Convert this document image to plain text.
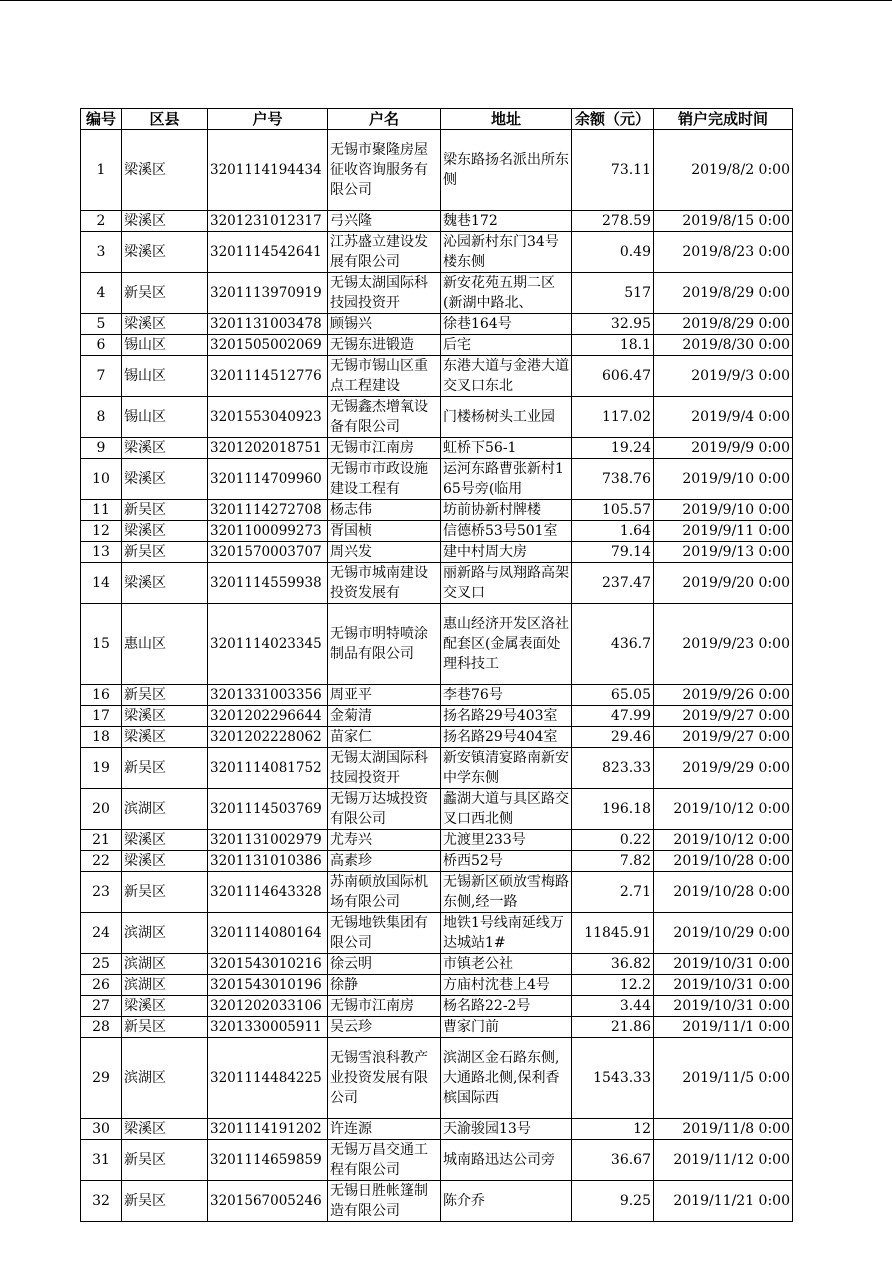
编号	区县	户号	户名	地址	余额（元）	销户完成时间

1	梁溪区	3201114194434	无锡市聚隆房屋征收咨询服务有限公司	梁东路扬名派出所东侧	73.11	2019/8/2 0:00

2	梁溪区	3201231012317	弓兴隆	魏巷172	278.59	2019/8/15 0:00

3	梁溪区	3201114542641	江苏盛立建设发展有限公司	沁园新村东门34号楼东侧	0.49	2019/8/23 0:00

4	新吴区	3201113970919	无锡太湖国际科技园投资开	新安花苑五期二区(新湖中路北、	517	2019/8/29 0:00

5	梁溪区	3201131003478	顾锡兴	徐巷164号	32.95	2019/8/29 0:00

6	锡山区	3201505002069	无锡东进锻造	后宅	18.1	2019/8/30 0:00

7	锡山区	3201114512776	无锡市锡山区重点工程建设	东港大道与金港大道交叉口东北	606.47	2019/9/3 0:00

8	锡山区	3201553040923	无锡鑫杰增氧设备有限公司	门楼杨树头工业园	117.02	2019/9/4 0:00

9	梁溪区	3201202018751	无锡市江南房	虹桥下56-1	19.24	2019/9/9 0:00

10	梁溪区	3201114709960	无锡市市政设施建设工程有	运河东路曹张新村165号旁(临用	738.76	2019/9/10 0:00

11	新吴区	3201114272708	杨志伟	坊前协新村牌楼	105.57	2019/9/10 0:00

12	梁溪区	3201100099273	胥国桢	信德桥53号501室	1.64	2019/9/11 0:00

13	新吴区	3201570003707	周兴发	建中村周大房	79.14	2019/9/13 0:00

14	梁溪区	3201114559938	无锡市城南建设投资发展有	丽新路与凤翔路高架交叉口	237.47	2019/9/20 0:00

15	惠山区	3201114023345	无锡市明特喷涂制品有限公司	惠山经济开发区洛社配套区(金属表面处理科技工	436.7	2019/9/23 0:00

16	新吴区	3201331003356	周亚平	李巷76号	65.05	2019/9/26 0:00

17	梁溪区	3201202296644	金菊清	扬名路29号403室	47.99	2019/9/27 0:00

18	梁溪区	3201202228062	苗家仁	扬名路29号404室	29.46	2019/9/27 0:00

19	新吴区	3201114081752	无锡太湖国际科技园投资开	新安镇清宴路南新安中学东侧	823.33	2019/9/29 0:00

20	滨湖区	3201114503769	无锡万达城投资有限公司	蠡湖大道与具区路交叉口西北侧	196.18	2019/10/12 0:00

21	梁溪区	3201131002979	尤寿兴	尤渡里233号	0.22	2019/10/12 0:00

22	梁溪区	3201131010386	高素珍	桥西52号	7.82	2019/10/28 0:00

23	新吴区	3201114643328	苏南硕放国际机场有限公司	无锡新区硕放雪梅路东侧,经一路	2.71	2019/10/28 0:00

24	滨湖区	3201114080164	无锡地铁集团有限公司	地铁1号线南延线万达城站1#	11845.91	2019/10/29 0:00

25	滨湖区	3201543010216	徐云明	市镇老公社	36.82	2019/10/31 0:00

26	滨湖区	3201543010196	徐静	方庙村沈巷上4号	12.2	2019/10/31 0:00

27	梁溪区	3201202033106	无锡市江南房	杨名路22-2号	3.44	2019/10/31 0:00

28	新吴区	3201330005911	吴云珍	曹家门前	21.86	2019/11/1 0:00

29	滨湖区	3201114484225	无锡雪浪科教产业投资发展有限公司	滨湖区金石路东侧,大通路北侧,保利香槟国际西	1543.33	2019/11/5 0:00

30	梁溪区	3201114191202	许连源	天渝骏园13号	12	2019/11/8 0:00

31	新吴区	3201114659859	无锡万昌交通工程有限公司	城南路迅达公司旁	36.67	2019/11/12 0:00

32	新吴区	3201567005246	无锡日胜帐篷制造有限公司	陈介乔	9.25	2019/11/21 0:00
